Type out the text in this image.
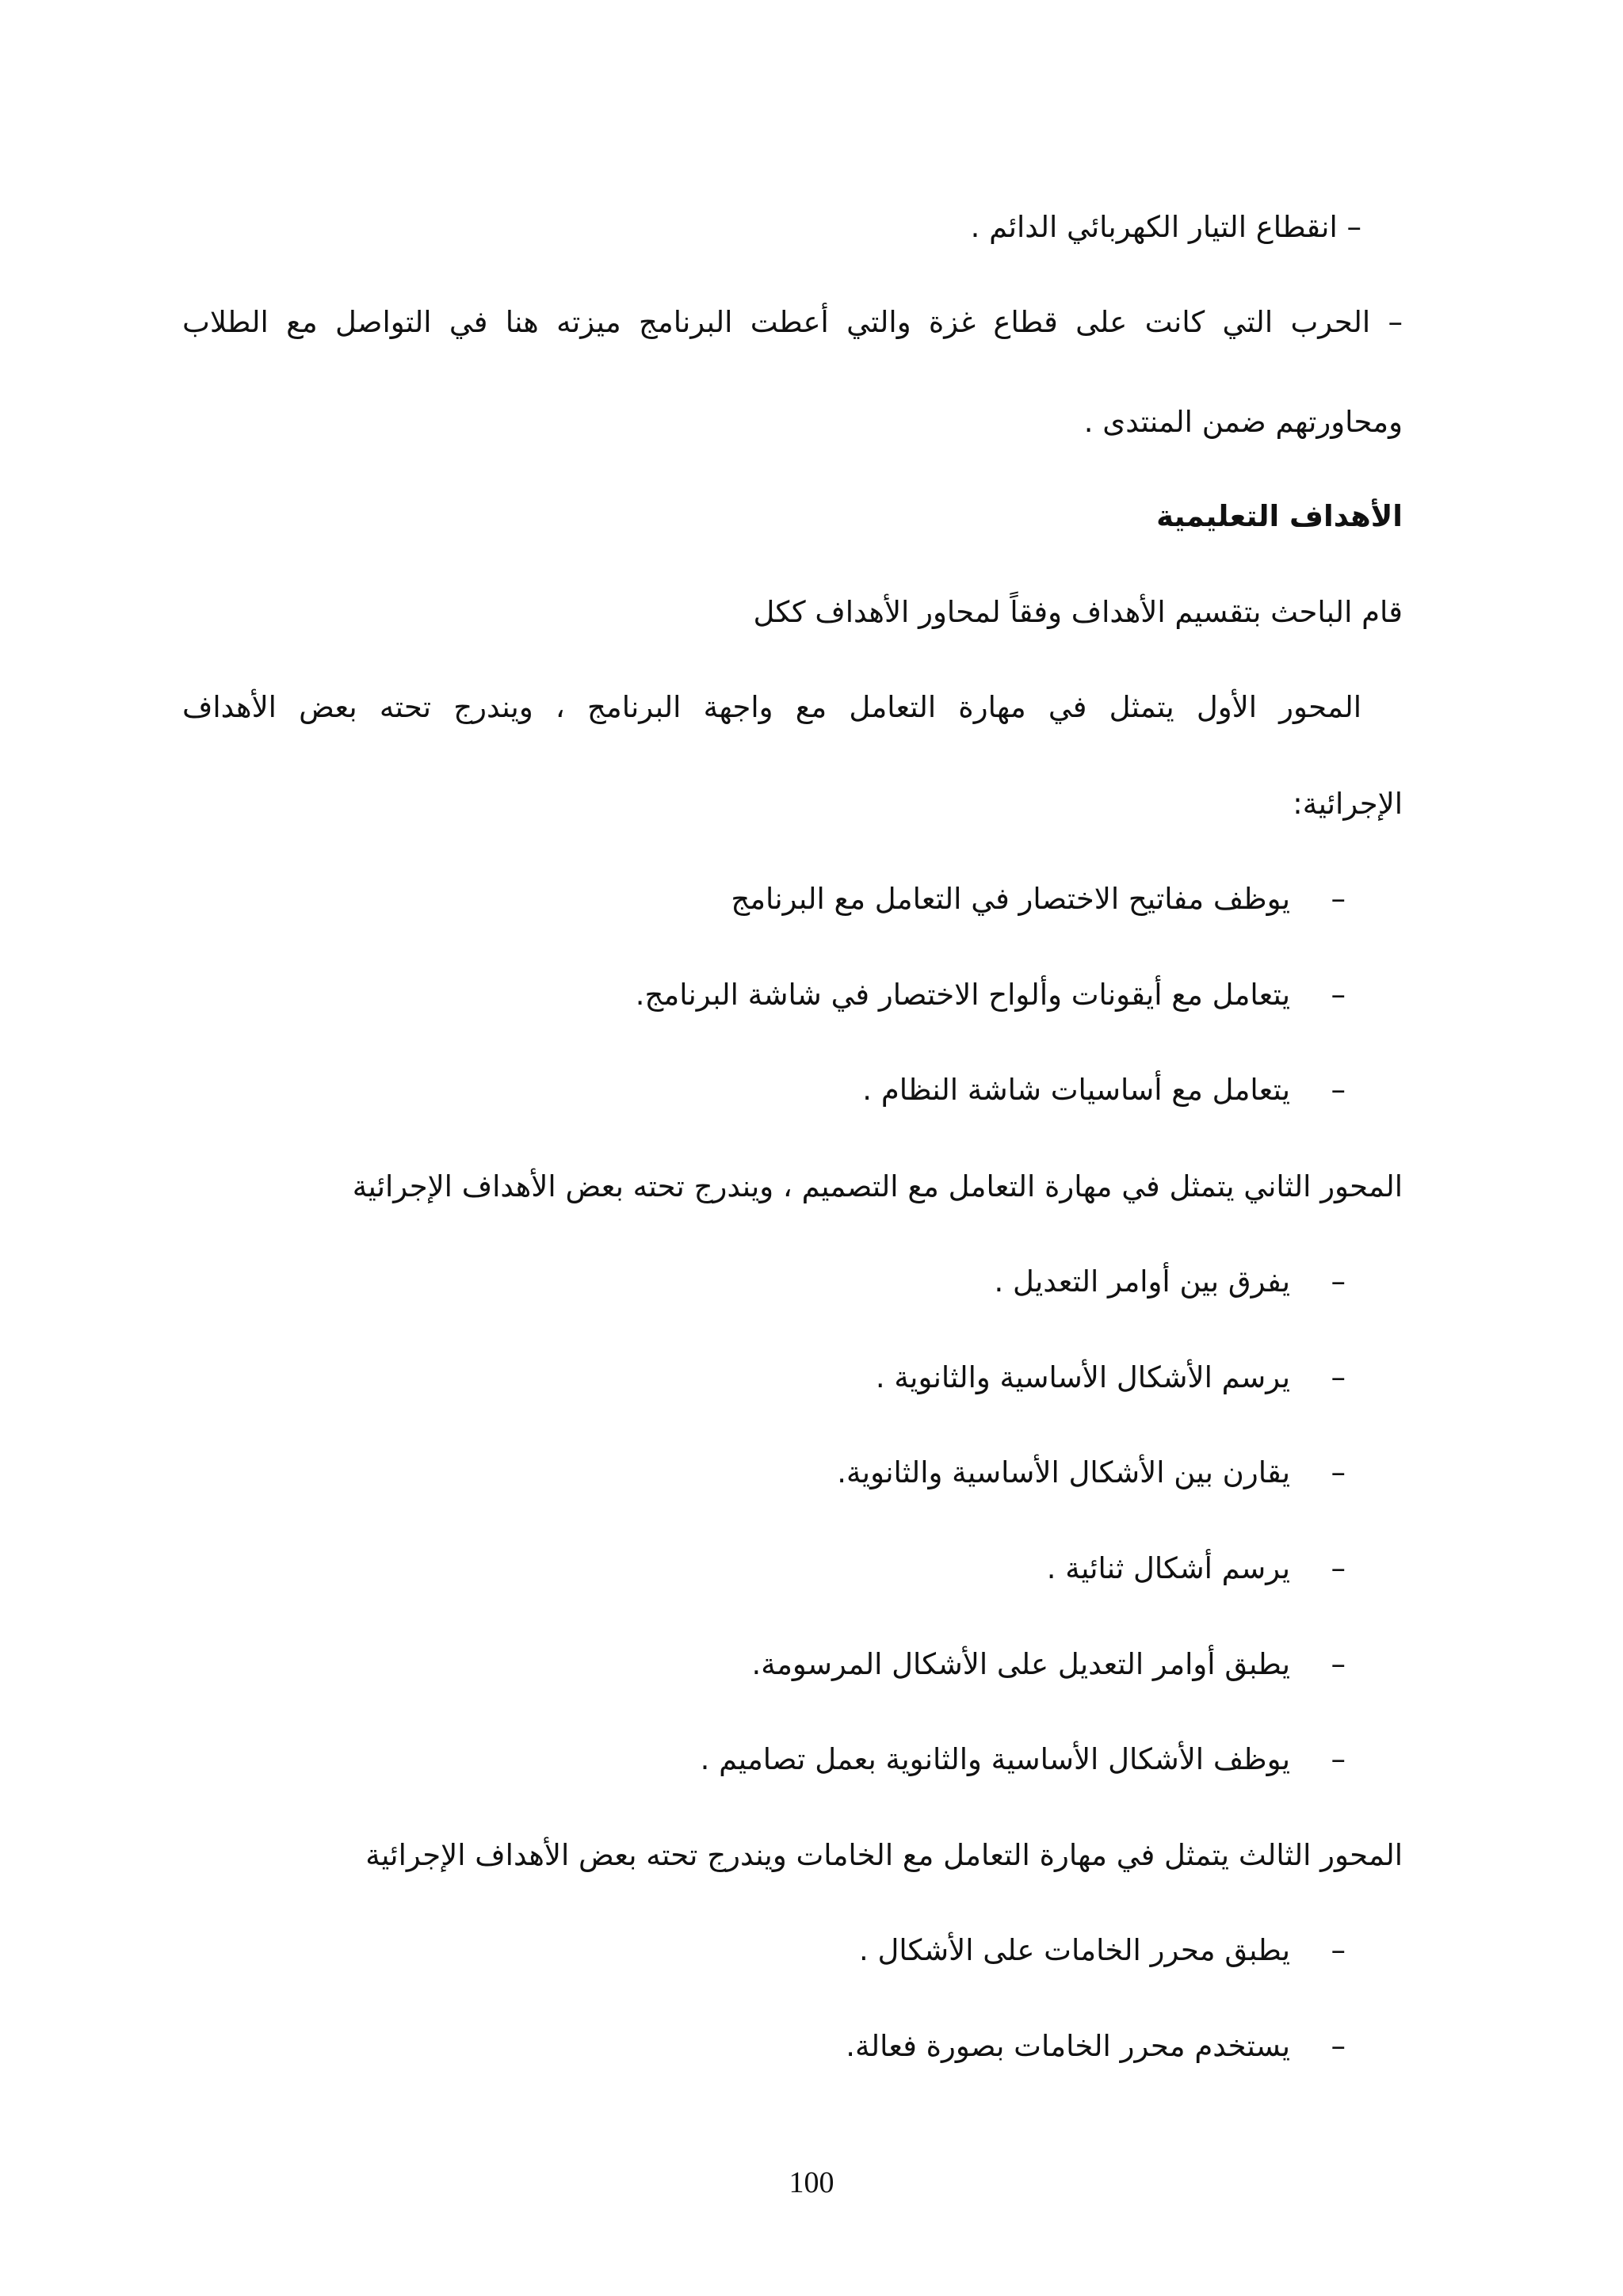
– انقطاع التيار الكهربائي الدائم .
– الحرب التي كانت على قطاع غزة والتي أعطت البرنامج ميزته هنا في التواصل مع الطلاب
ومحاورتهم ضمن المنتدى .
الأهداف التعليمية
قام الباحث بتقسيم الأهداف وفقاً لمحاور الأهداف ككل
المحور الأول يتمثل في مهارة التعامل مع واجهة البرنامج ، ويندرج تحته بعض الأهداف
الإجرائية:
–
يوظف مفاتيح الاختصار في التعامل مع البرنامج
–
يتعامل مع أيقونات وألواح الاختصار في شاشة البرنامج.
–
يتعامل مع أساسيات شاشة النظام .
المحور الثاني يتمثل في مهارة التعامل مع التصميم ، ويندرج تحته بعض الأهداف الإجرائية
–
يفرق بين أوامر التعديل .
–
يرسم الأشكال الأساسية والثانوية .
–
يقارن بين الأشكال الأساسية والثانوية.
–
يرسم أشكال ثنائية .
–
يطبق أوامر التعديل على الأشكال المرسومة.
–
يوظف الأشكال الأساسية والثانوية بعمل تصاميم .
المحور الثالث يتمثل في مهارة التعامل مع الخامات ويندرج تحته بعض الأهداف الإجرائية
–
يطبق محرر الخامات على الأشكال .
–
يستخدم محرر الخامات بصورة فعالة.
100
